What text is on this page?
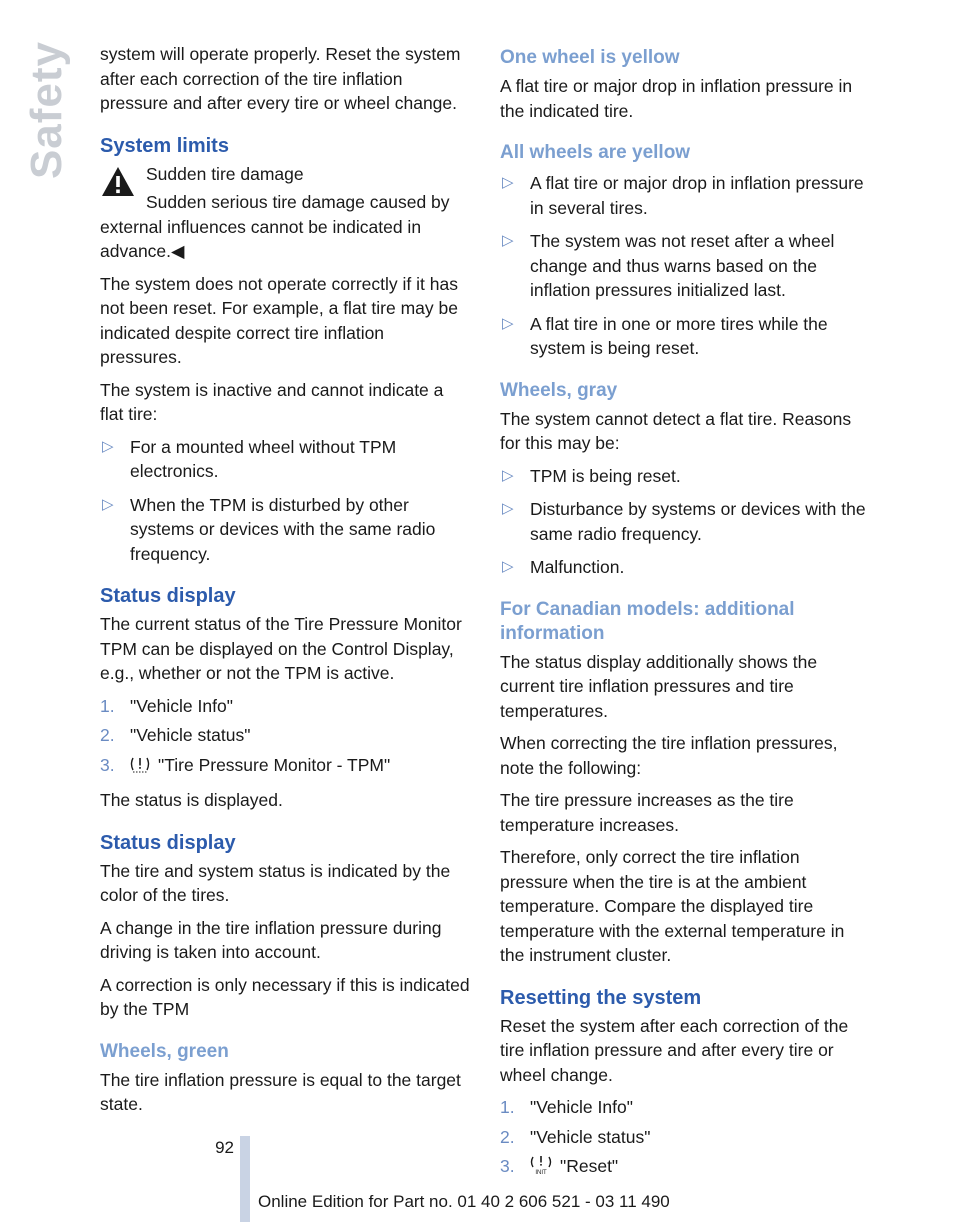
Safety system will operate properly. Reset the system after each correction of the tire inflation pressure and after every tire or wheel change.

System limits

Sudden tire damage

Sudden serious tire damage caused by external influences cannot be indicated in advance.◀

The system does not operate correctly if it has not been reset. For example, a flat tire may be indicated despite correct tire inflation pressures.

The system is inactive and cannot indicate a flat tire:

▷ For a mounted wheel without TPM electronics.
▷ When the TPM is disturbed by other systems or devices with the same radio frequency.
Status display

The current status of the Tire Pressure Monitor TPM can be displayed on the Control Display, e.g., whether or not the TPM is active.

1. "Vehicle Info"
2. "Vehicle status"
3. "Tire Pressure Monitor - TPM"

The status is displayed.

Status display

The tire and system status is indicated by the color of the tires.

A change in the tire inflation pressure during driving is taken into account.

A correction is only necessary if this is indicated by the TPM

Wheels, green

The tire inflation pressure is equal to the target state.

One wheel is yellow

A flat tire or major drop in inflation pressure in the indicated tire.

All wheels are yellow
▷ A flat tire or major drop in inflation pressure in several tires.
▷ The system was not reset after a wheel change and thus warns based on the inflation pressures initialized last.
▷ A flat tire in one or more tires while the system is being reset.
Wheels, gray

The system cannot detect a flat tire. Reasons for this may be:

▷ TPM is being reset.
▷ Disturbance by systems or devices with the same radio frequency.
▷ Malfunction.
For Canadian models: additional information

The status display additionally shows the current tire inflation pressures and tire temperatures.

When correcting the tire inflation pressures, note the following:

The tire pressure increases as the tire temperature increases.

Therefore, only correct the tire inflation pressure when the tire is at the ambient temperature. Compare the displayed tire temperature with the external temperature in the instrument cluster.

Resetting the system

Reset the system after each correction of the tire inflation pressure and after every tire or wheel change.

1. "Vehicle Info"
2. "Vehicle status"
3.	INIT "Reset"
92
Online Edition for Part no. 01 40 2 606 521 - 03 11 490
